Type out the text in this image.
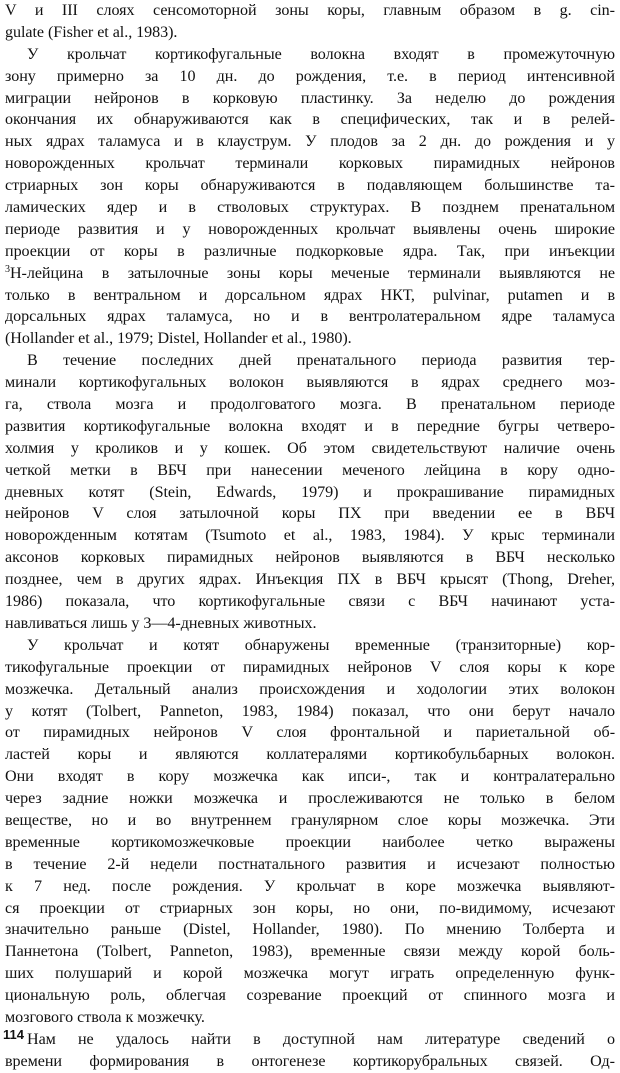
V и III слоях сенсомоторной зоны коры, главным образом в g. cin-
gulate (Fisher et al., 1983).
У крольчат кортикофугальные волокна входят в промежуточную
зону примерно за 10 дн. до рождения, т.е. в период интенсивной
миграции нейронов в корковую пластинку. За неделю до рождения
окончания их обнаруживаются как в специфических, так и в релей-
ных ядрах таламуса и в клауструм. У плодов за 2 дн. до рождения и у
новорожденных крольчат терминали корковых пирамидных нейронов
стриарных зон коры обнаруживаются в подавляющем большинстве та-
ламических ядер и в стволовых структурах. В позднем пренатальном
периоде развития и у новорожденных крольчат выявлены очень широкие
проекции от коры в различные подкорковые ядра. Так, при инъекции
$^3$H-лейцина в затылочные зоны коры меченые терминали выявляются не
только в вентральном и дорсальном ядрах НКТ, pulvinar, putamen и в
дорсальных ядрах таламуса, но и в вентролатеральном ядре таламуса
(Hollander et al., 1979; Distel, Hollander et al., 1980).
В течение последних дней пренатального периода развития тер-
минали кортикофугальных волокон выявляются в ядрах среднего моз-
га, ствола мозга и продолговатого мозга. В пренатальном периоде
развития кортикофугальные волокна входят и в передние бугры четверо-
холмия у кроликов и у кошек. Об этом свидетельствуют наличие очень
четкой метки в ВБЧ при нанесении меченого лейцина в кору одно-
дневных котят (Stein, Edwards, 1979) и прокрашивание пирамидных
нейронов V слоя затылочной коры ПХ при введении ее в ВБЧ
новорожденным котятам (Tsumoto et al., 1983, 1984). У крыс терминали
аксонов корковых пирамидных нейронов выявляются в ВБЧ несколько
позднее, чем в других ядрах. Инъекция ПХ в ВБЧ крысят (Thong, Dreher,
1986) показала, что кортикофугальные связи с ВБЧ начинают уста-
навливаться лишь у 3—4-дневных животных.
У крольчат и котят обнаружены временные (транзиторные) кор-
тикофугальные проекции от пирамидных нейронов V слоя коры к коре
мозжечка. Детальный анализ происхождения и ходологии этих волокон
у котят (Tolbert, Panneton, 1983, 1984) показал, что они берут начало
от пирамидных нейронов V слоя фронтальной и париетальной об-
ластей коры и являются коллатералями кортикобульбарных волокон.
Они входят в кору мозжечка как ипси-, так и контралатерально
через задние ножки мозжечка и прослеживаются не только в белом
веществе, но и во внутреннем гранулярном слое коры мозжечка. Эти
временные кортикомозжечковые проекции наиболее четко выражены
в течение 2-й недели постнатального развития и исчезают полностью
к 7 нед. после рождения. У крольчат в коре мозжечка выявляют-
ся проекции от стриарных зон коры, но они, по-видимому, исчезают
значительно раньше (Distel, Hollander, 1980). По мнению Толберта и
Паннетона (Tolbert, Panneton, 1983), временные связи между корой боль-
ших полушарий и корой мозжечка могут играть определенную функ-
циональную роль, облегчая созревание проекций от спинного мозга и
мозгового ствола к мозжечку.
Нам не удалось найти в доступной нам литературе сведений о
времени формирования в онтогенезе кортикорубральных связей. Од-
114
